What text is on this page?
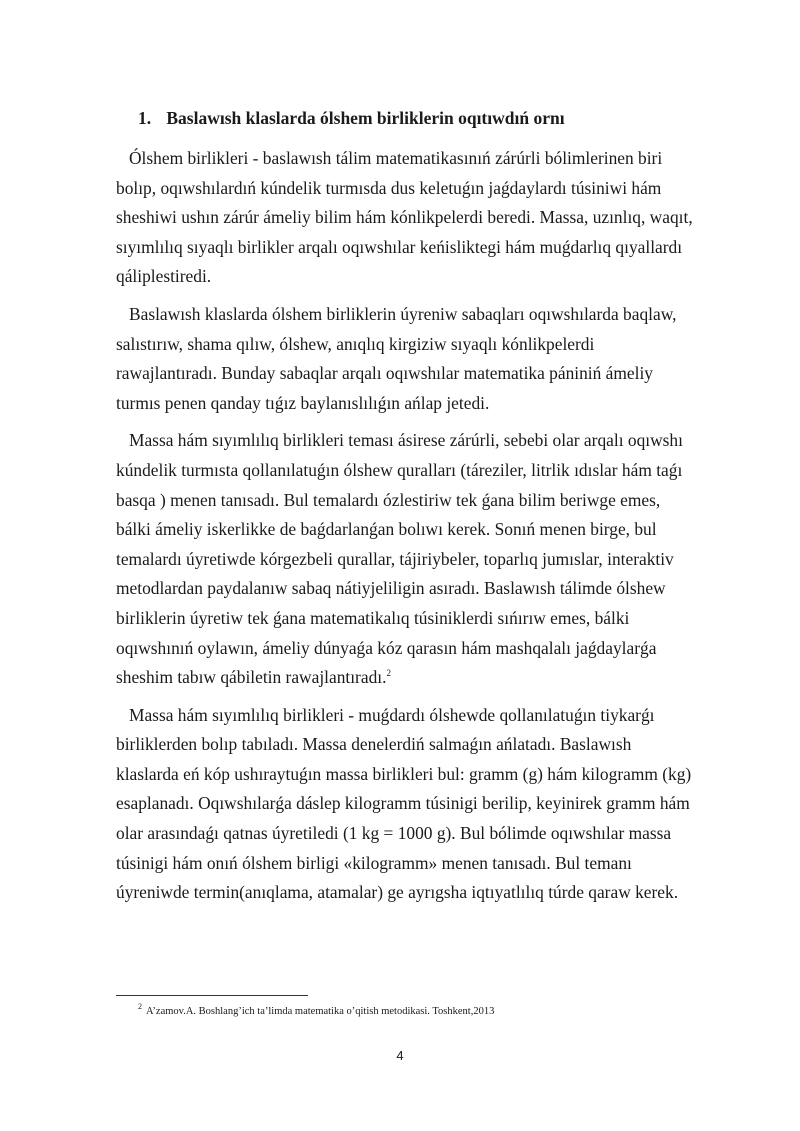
1. Baslawısh klaslarda ólshem birliklerin oqıtıwdıń ornı

Ólshem birlikleri - baslawısh tálim matematikasınıń zárúrli bólimlerinen biri
bolıp, oqıwshılardıń kúndelik turmısda dus keletuǵın jaǵdaylardı túsiniwi hám
sheshiwi ushın zárúr ámeliy bilim hám kónlikpelerdi beredi. Massa, uzınlıq, waqıt,
sıyımlılıq sıyaqlı birlikler arqalı oqıwshılar keńisliktegi hám muǵdarlıq qıyallardı
qáliplestiredi.

Baslawısh klaslarda ólshem birliklerin úyreniw sabaqları oqıwshılarda baqlaw,
salıstırıw, shama qılıw, ólshew, anıqlıq kirgiziw sıyaqlı kónlikpelerdi
rawajlantıradı. Bunday sabaqlar arqalı oqıwshılar matematika pániniń ámeliy
turmıs penen qanday tıǵız baylanıslılıǵın ańlap jetedi.

Massa hám sıyımlılıq birlikleri teması ásirese zárúrli, sebebi olar arqalı oqıwshı
kúndelik turmısta qollanılatuǵın ólshew quralları (táreziler, litrlik ıdıslar hám taǵı
basqa ) menen tanısadı. Bul temalardı ózlestiriw tek ǵana bilim beriwge emes,
bálki ámeliy iskerlikke de baǵdarlanǵan bolıwı kerek. Sonıń menen birge, bul
temalardı úyretiwde kórgezbeli qurallar, tájiriybeler, toparlıq jumıslar, interaktiv
metodlardan paydalanıw sabaq nátiyjeliligin asıradı. Baslawısh tálimde ólshew
birliklerin úyretiw tek ǵana matematikalıq túsiniklerdi sıńırıw emes, bálki
oqıwshınıń oylawın, ámeliy dúnyaǵa kóz qarasın hám mashqalalı jaǵdaylarǵa
sheshim tabıw qábiletin rawajlantıradı.$^2$

Massa hám sıyımlılıq birlikleri - muǵdardı ólshewde qollanılatuǵın tiykarǵı
birliklerden bolıp tabıladı. Massa denelerdiń salmaǵın ańlatadı. Baslawısh
klaslarda eń kóp ushıraytuǵın massa birlikleri bul: gramm (g) hám kilogramm (kg)
esaplanadı. Oqıwshılarǵa dáslep kilogramm túsinigi berilip, keyinirek gramm hám
olar arasındaǵı qatnas úyretiledi (1 kg = 1000 g). Bul bólimde oqıwshılar massa
túsinigi hám onıń ólshem birligi «kilogramm» menen tanısadı. Bul temanı
úyreniwde termin(anıqlama, atamalar) ge ayrıgsha iqtıyatlılıq túrde qaraw kerek.

$^2$ A’zamov.A. Boshlang’ich ta’limda matematika o’qitish metodikasi. Toshkent,2013
4
